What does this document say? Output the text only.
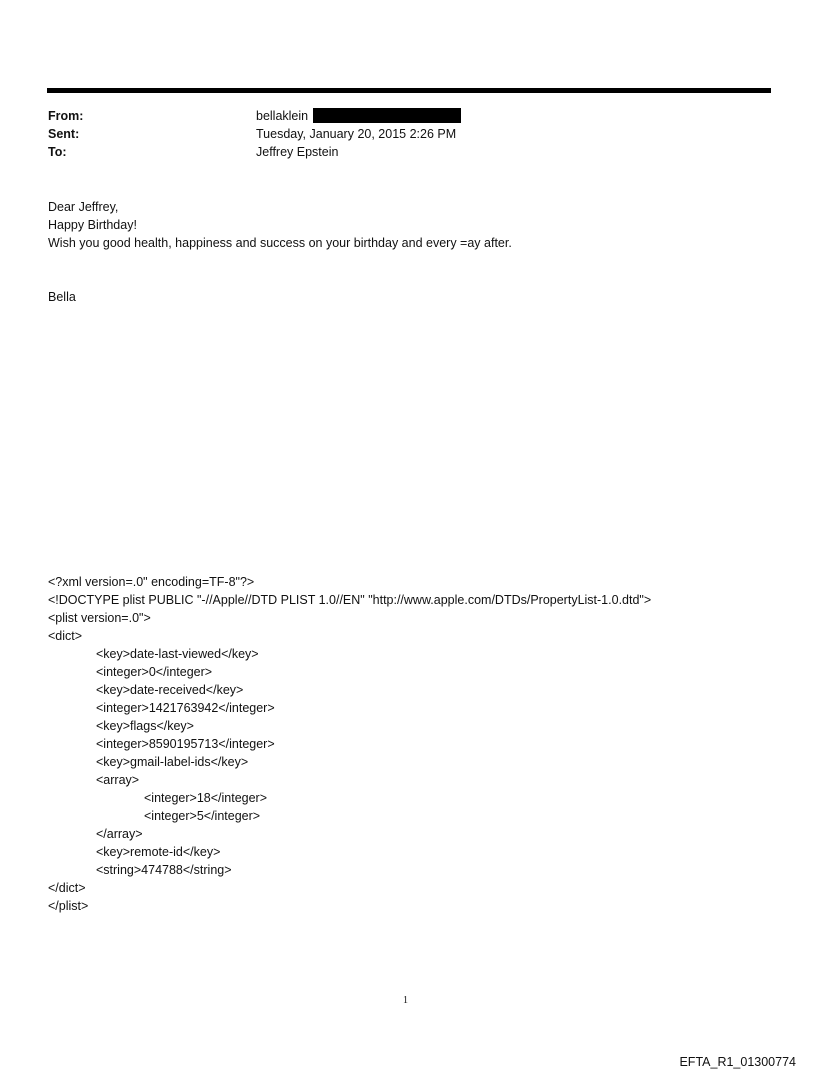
From:	bellaklein
Sent:	Tuesday, January 20, 2015 2:26 PM
To:	Jeffrey Epstein
Dear Jeffrey,
Happy Birthday!
Wish you good health, happiness and success on your birthday and every =ay after.
Bella
<?xml version=.0" encoding=TF-8"?>
<!DOCTYPE plist PUBLIC "-//Apple//DTD PLIST 1.0//EN" "http://www.apple.com/DTDs/PropertyList-1.0.dtd">
<plist version=.0">
<dict>
<key>date-last-viewed</key>
<integer>0</integer>
<key>date-received</key>
<integer>1421763942</integer>
<key>flags</key>
<integer>8590195713</integer>
<key>gmail-label-ids</key>
<array>
<integer>18</integer>
<integer>5</integer>
</array>
<key>remote-id</key>
<string>474788</string>
</dict>
</plist>
1
EFTA_R1_01300774
